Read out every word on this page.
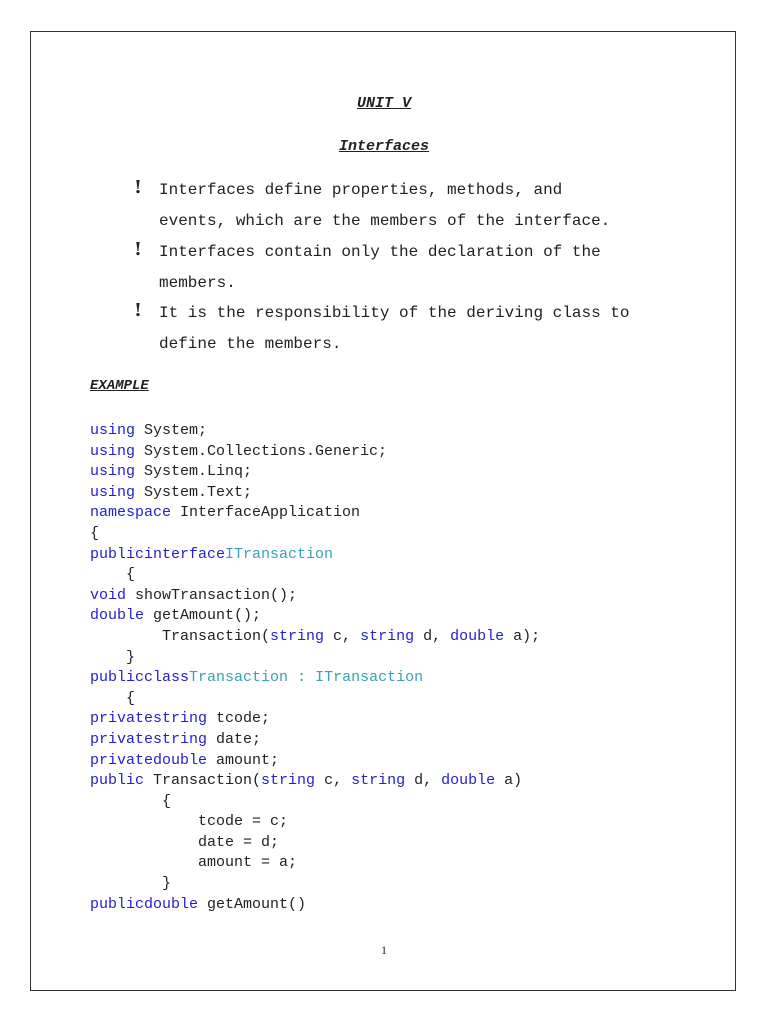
UNIT V
Interfaces
! Interfaces define properties, methods, and
events, which are the members of the interface.
! Interfaces contain only the declaration of the
members.
! It is the responsibility of the deriving class to
define the members.
EXAMPLE
using System;
using System.Collections.Generic;
using System.Linq;
using System.Text;
namespace InterfaceApplication
{
publicinterfaceITransaction
{
void showTransaction();
double getAmount();
Transaction(string c, string d, double a);
}
publicclassTransaction : ITransaction
{
privatestring tcode;
privatestring date;
privatedouble amount;
public Transaction(string c, string d, double a)
{
tcode = c;
date = d;
amount = a;
}
publicdouble getAmount()
1
